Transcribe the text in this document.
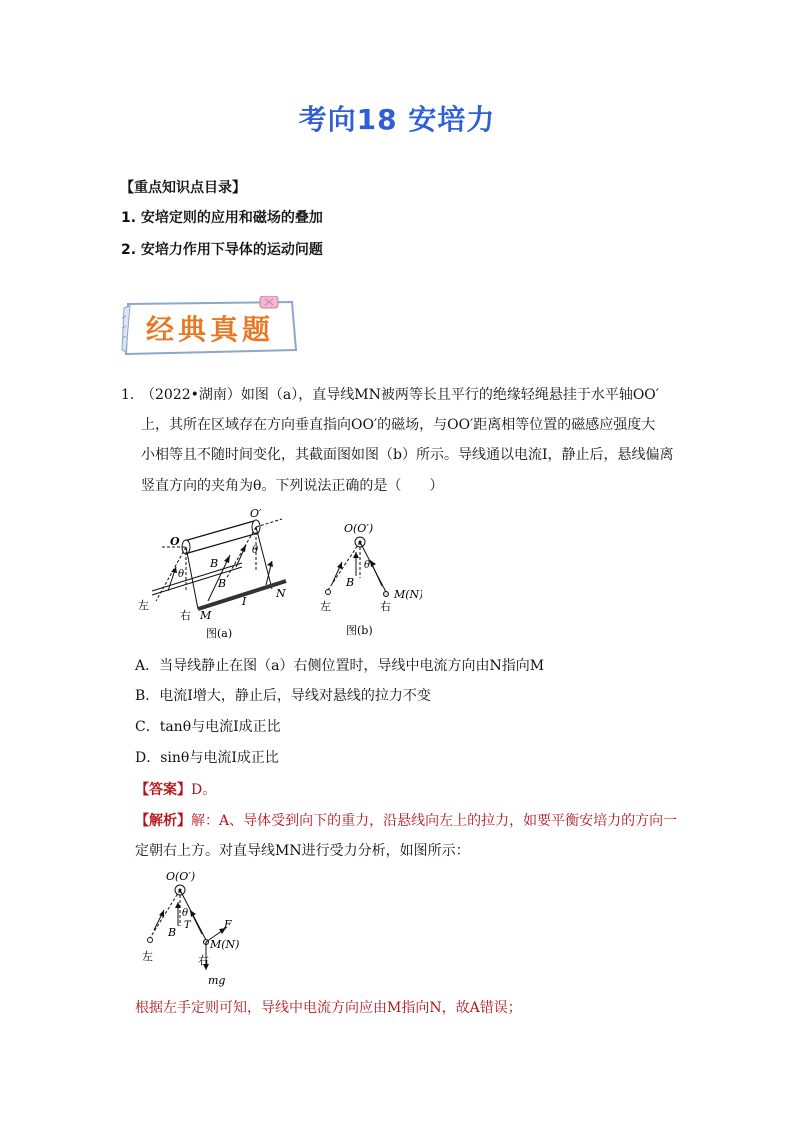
考向18 安培力
【重点知识点目录】
1. 安培定则的应用和磁场的叠加
2. 安培力作用下导体的运动问题
经典真题
1．
（2022•湖南）如图（a），直导线MN被两等长且平行的绝缘轻绳悬挂于水平轴OO′
上，其所在区域存在方向垂直指向OO′的磁场，与OO′距离相等位置的磁感应强度大
小相等且不随时间变化，其截面图如图（b）所示。导线通以电流I，静止后，悬线偏离
竖直方向的夹角为θ。下列说法正确的是（　　）
O
O′
θ
θ
B
B
I
N
M
左
右
图(a)
O(O′)
θ
B
M(N)
左	右
图(b)
A．当导线静止在图（a）右侧位置时，导线中电流方向由N指向M
B．电流I增大，静止后，导线对悬线的拉力不变
C．tanθ与电流I成正比
D．sinθ与电流I成正比
【答案】D。
【解析】解：A、导体受到向下的重力，沿悬线向左上的拉力，如要平衡安培力的方向一
定朝右上方。对直导线MN进行受力分析，如图所示：
O(O′)
θ
T
B
F
M(N)
左	右
mg
根据左手定则可知，导线中电流方向应由M指向N，故A错误；
